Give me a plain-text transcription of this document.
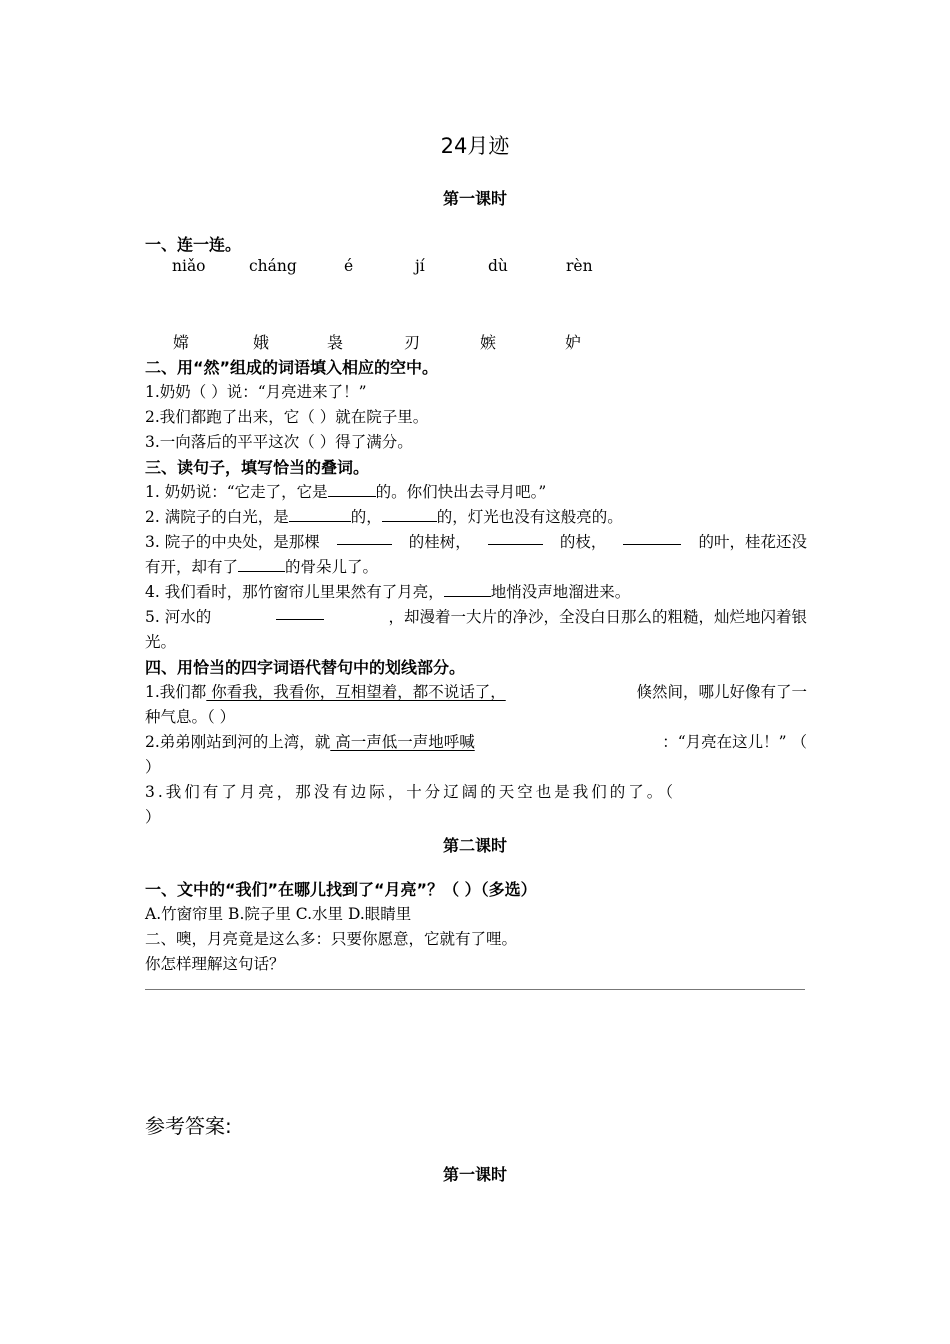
24月迹
第一课时
一、连一连。
niǎo	cháng	é	jí	dù	rèn
嫦	娥	袅	刃	嫉	妒
二、用“然”组成的词语填入相应的空中。
1.奶奶（ ）说：“月亮进来了！”
2.我们都跑了出来，它（ ）就在院子里。
3.一向落后的平平这次（ ）得了满分。
三、读句子，填写恰当的叠词。
1. 奶奶说：“它走了，它是	的。你们快出去寻月吧。”
2. 满院子的白光，是	的，	的，灯光也没有这般亮的。
3. 院子的中央处，是那棵	的桂树，	的枝，	的叶，桂花还没
有开，却有了	的骨朵儿了。
4. 我们看时，那竹窗帘儿里果然有了月亮，	地悄没声地溜进来。
5. 河水的	，却漫着一大片的净沙，全没白日那么的粗糙，灿烂地闪着银
光。
四、用恰当的四字词语代替句中的划线部分。
1.我们都 你看我，我看你，互相望着，都不说话了，	倏然间，哪儿好像有了一
种气息。（ ）
2.弟弟刚站到河的上湾，就 高一声低一声地呼喊	：“月亮在这儿！” （
）
3.我们有了月亮，那没有边际，十分辽阔的天空也是我们的了。（
）
第二课时
一、文中的“我们”在哪儿找到了“月亮”？（ ）（多选）
A.竹窗帘里 B.院子里 C.水里 D.眼睛里
二、噢，月亮竟是这么多：只要你愿意，它就有了哩。
你怎样理解这句话？
参考答案:
第一课时
